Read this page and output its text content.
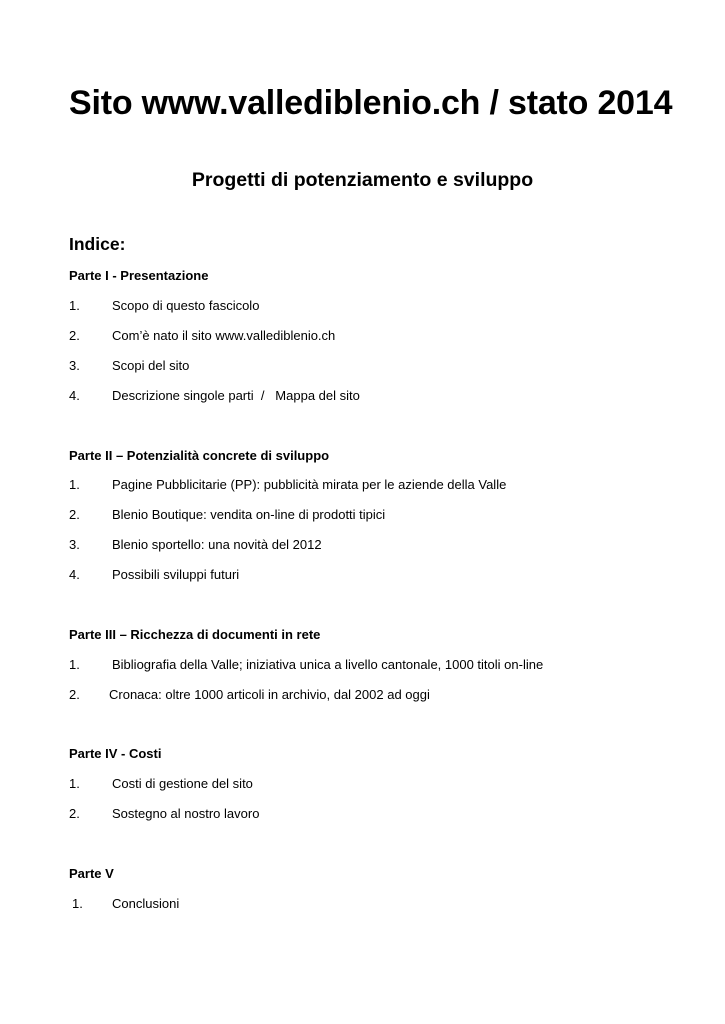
Sito www.vallediblenio.ch / stato 2014
Progetti di potenziamento e sviluppo
Indice:
Parte I - Presentazione
1. Scopo di questo fascicolo
2. Com’è nato il sito www.vallediblenio.ch
3. Scopi del sito
4. Descrizione singole parti  /   Mappa del sito
Parte II – Potenzialità concrete di sviluppo
1. Pagine Pubblicitarie (PP): pubblicità mirata per le aziende della Valle
2. Blenio Boutique: vendita on-line di prodotti tipici
3. Blenio sportello: una novità del 2012
4. Possibili sviluppi futuri
Parte III – Ricchezza di documenti in rete
1. Bibliografia della Valle; iniziativa unica a livello cantonale, 1000 titoli on-line
2. Cronaca: oltre 1000 articoli in archivio, dal 2002 ad oggi
Parte IV - Costi
1. Costi di gestione del sito
2. Sostegno al nostro lavoro
Parte V
1. Conclusioni
